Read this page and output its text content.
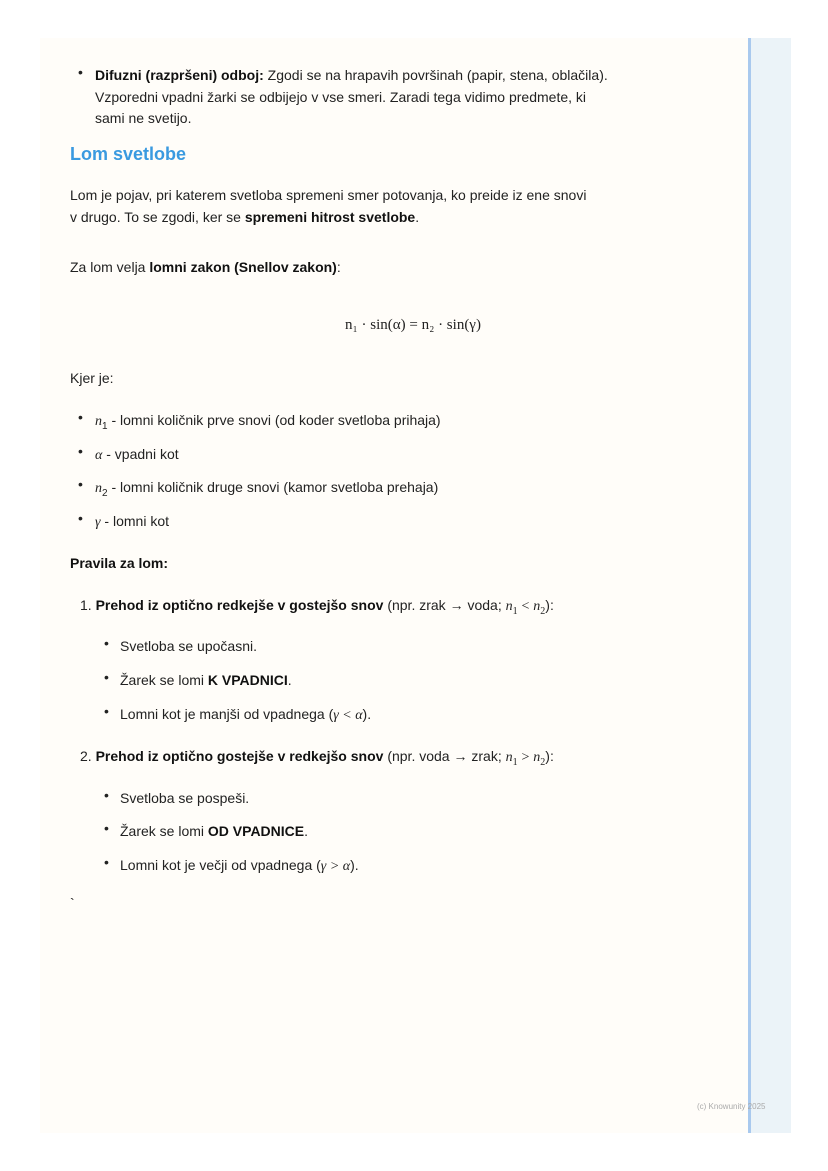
• Difuzni (razpršeni) odboj: Zgodi se na hrapavih površinah (papir, stena, oblačila).
Vzporedni vpadni žarki se odbijejo v vse smeri. Zaradi tega vidimo predmete, ki
sami ne svetijo.
Lom svetlobe
Lom je pojav, pri katerem svetloba spremeni smer potovanja, ko preide iz ene snovi
v drugo. To se zgodi, ker se spremeni hitrost svetlobe.
Za lom velja lomni zakon (Snellov zakon):
n₁ · sin(α) = n₂ · sin(γ)
Kjer je:
• $n_1$ - lomni količnik prve snovi (od koder svetloba prihaja)
• α - vpadni kot
• $n_2$ - lomni količnik druge snovi (kamor svetloba prehaja)
• γ - lomni kot
Pravila za lom:
1. Prehod iz optično redkejše v gostejšo snov (npr. zrak → voda; $n_1 < n_2$):
• Svetloba se upočasni.
• Žarek se lomi K VPADNICI.
• Lomni kot je manjši od vpadnega (γ < α).
2. Prehod iz optično gostejše v redkejšo snov (npr. voda → zrak; $n_1 > n_2$):
• Svetloba se pospeši.
• Žarek se lomi OD VPADNICE.
• Lomni kot je večji od vpadnega (γ > α).
`
(c) Knowunity 2025
